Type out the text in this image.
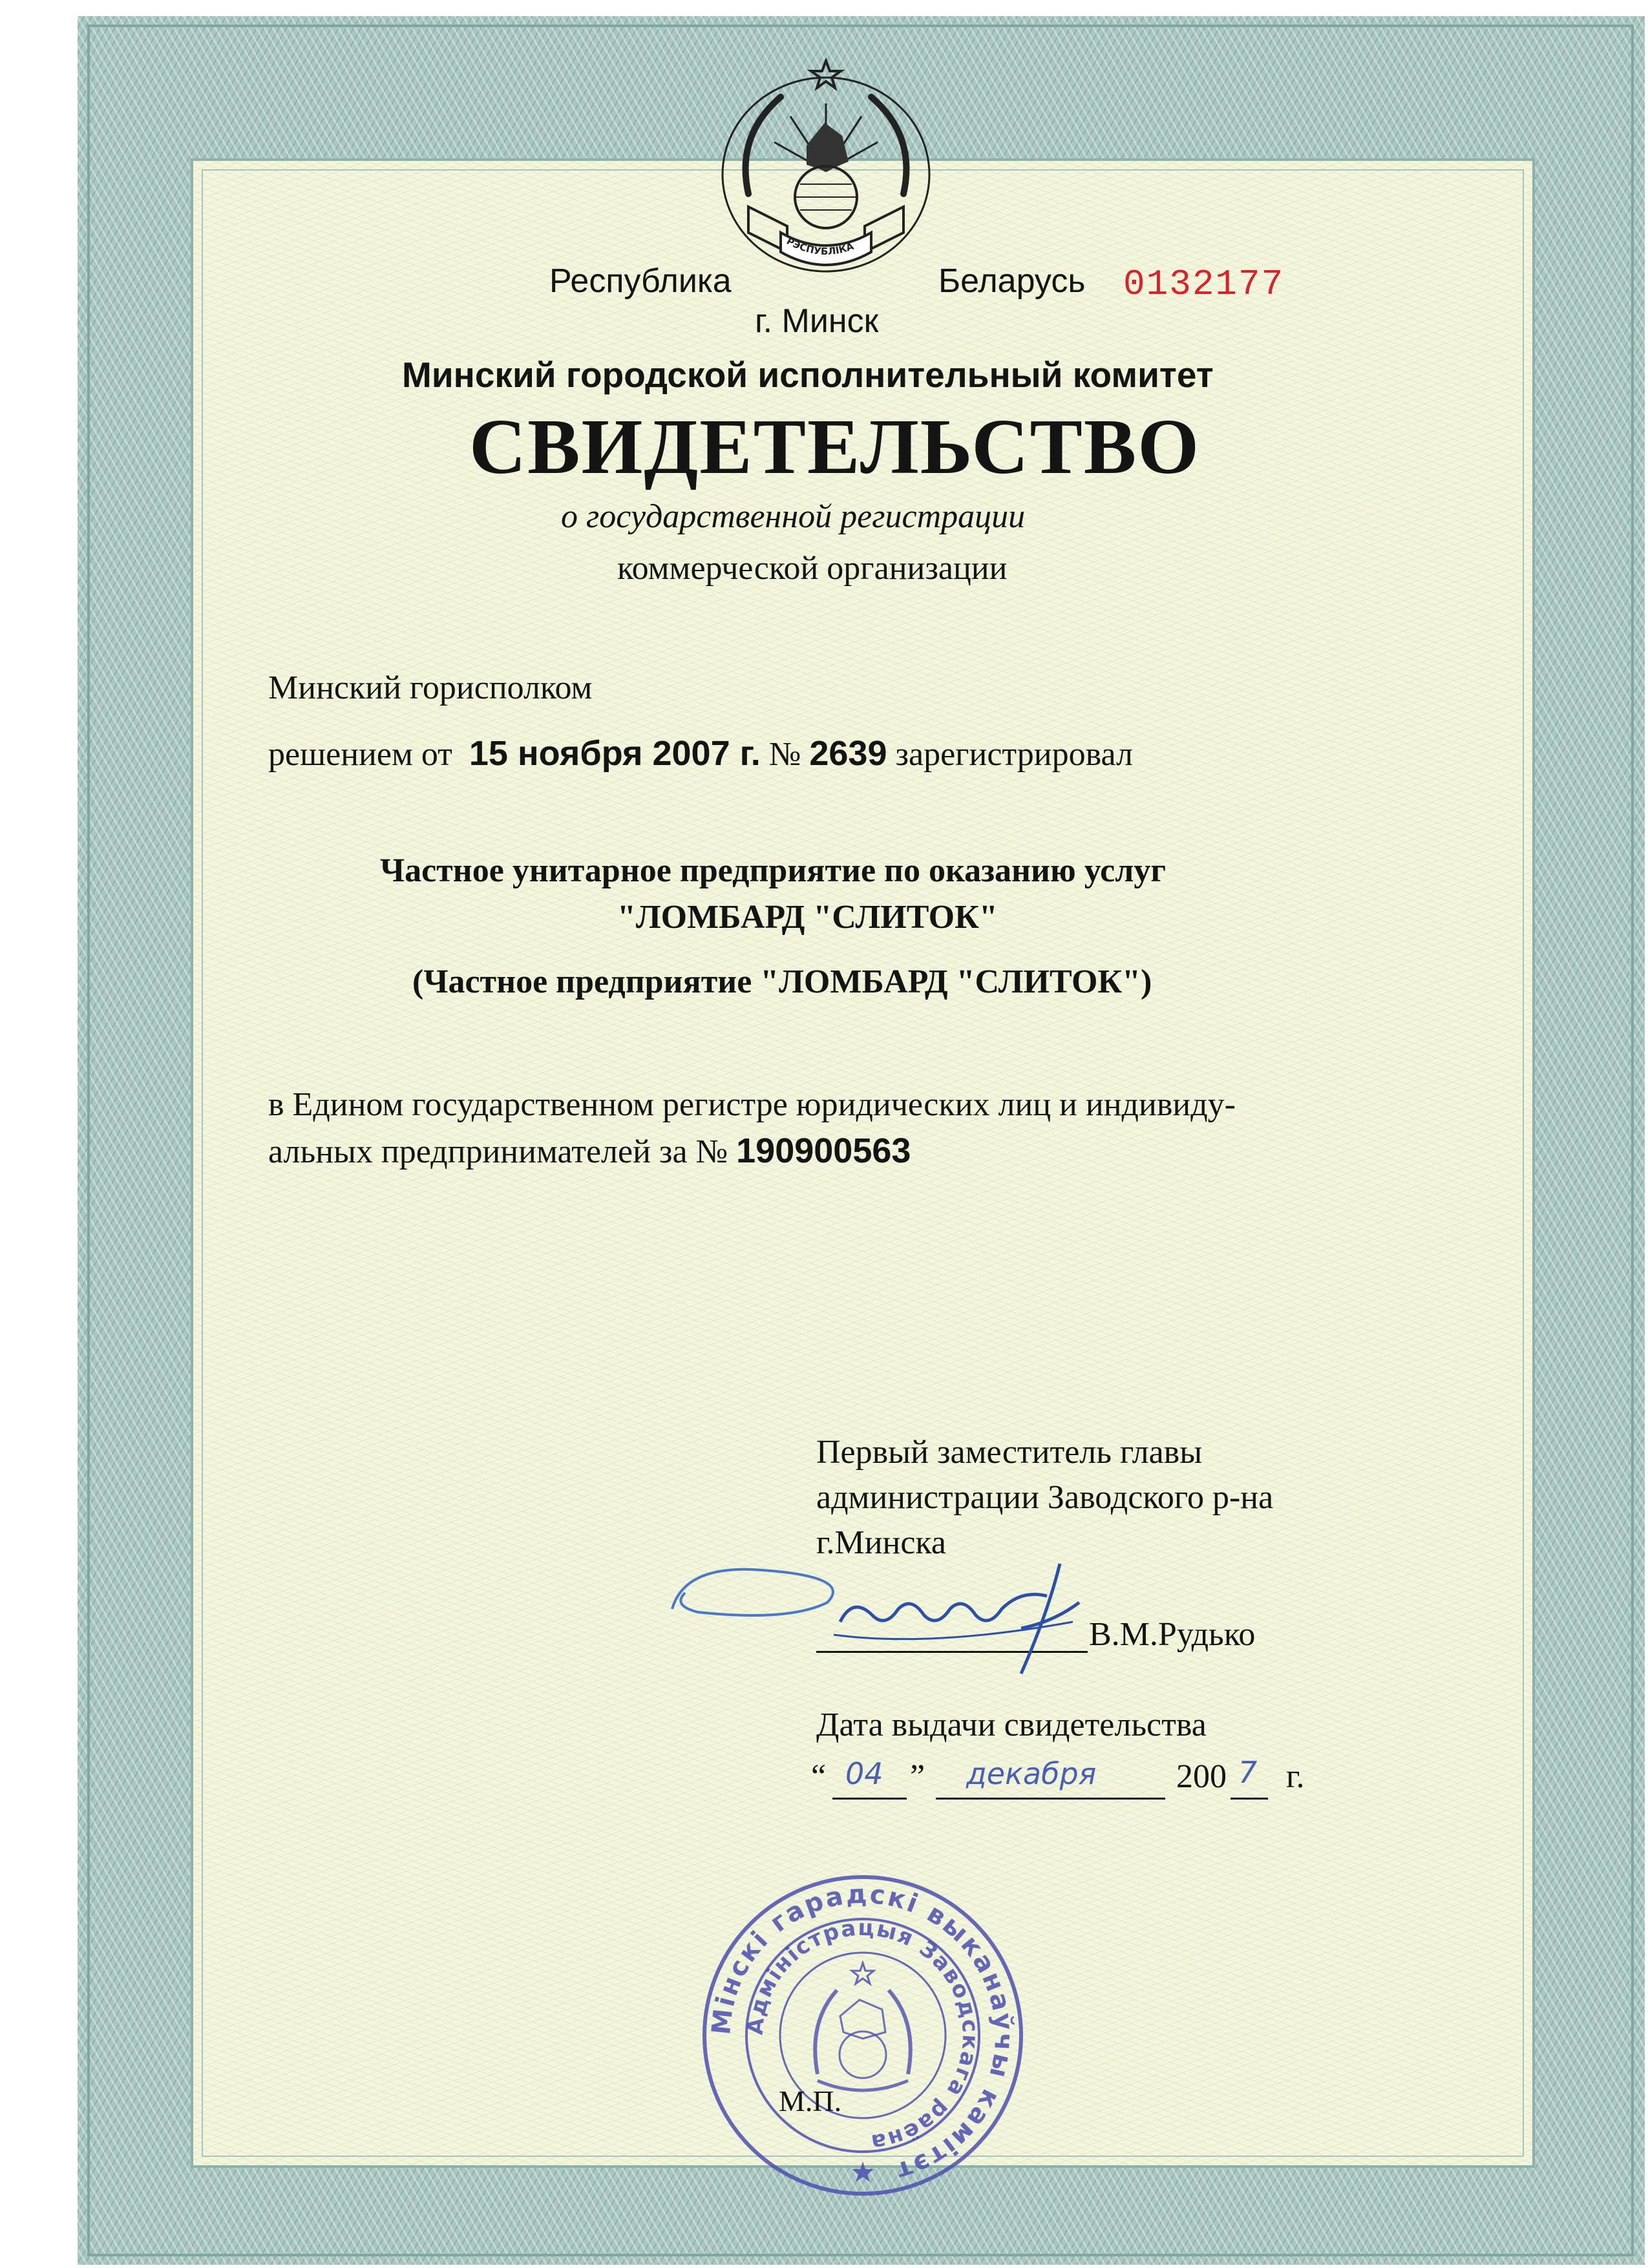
РЭСПУБЛІКА
Республика	Беларусь 0132177
г. Минск
Минский городской исполнительный комитет
СВИДЕТЕЛЬСТВО
о государственной регистрации
коммерческой организации
Минский горисполком
решением от 15 ноября 2007 г. № 2639 зарегистрировал
Частное унитарное предприятие по оказанию услуг
"ЛОМБАРД "СЛИТОК"
(Частное предприятие "ЛОМБАРД "СЛИТОК")
в Едином государственном регистре юридических лиц и индивиду-
альных предпринимателей за № 190900563
Первый заместитель главы
администрации Заводского р-на
г.Минска
В.М.Рудько
Дата выдачи свидетельства
“ 04 ” декабря 200 7 г.
Мінскі гарадскі выканаўчы камітэт
Адміністрацыя Заводскага раёна
М.П.
